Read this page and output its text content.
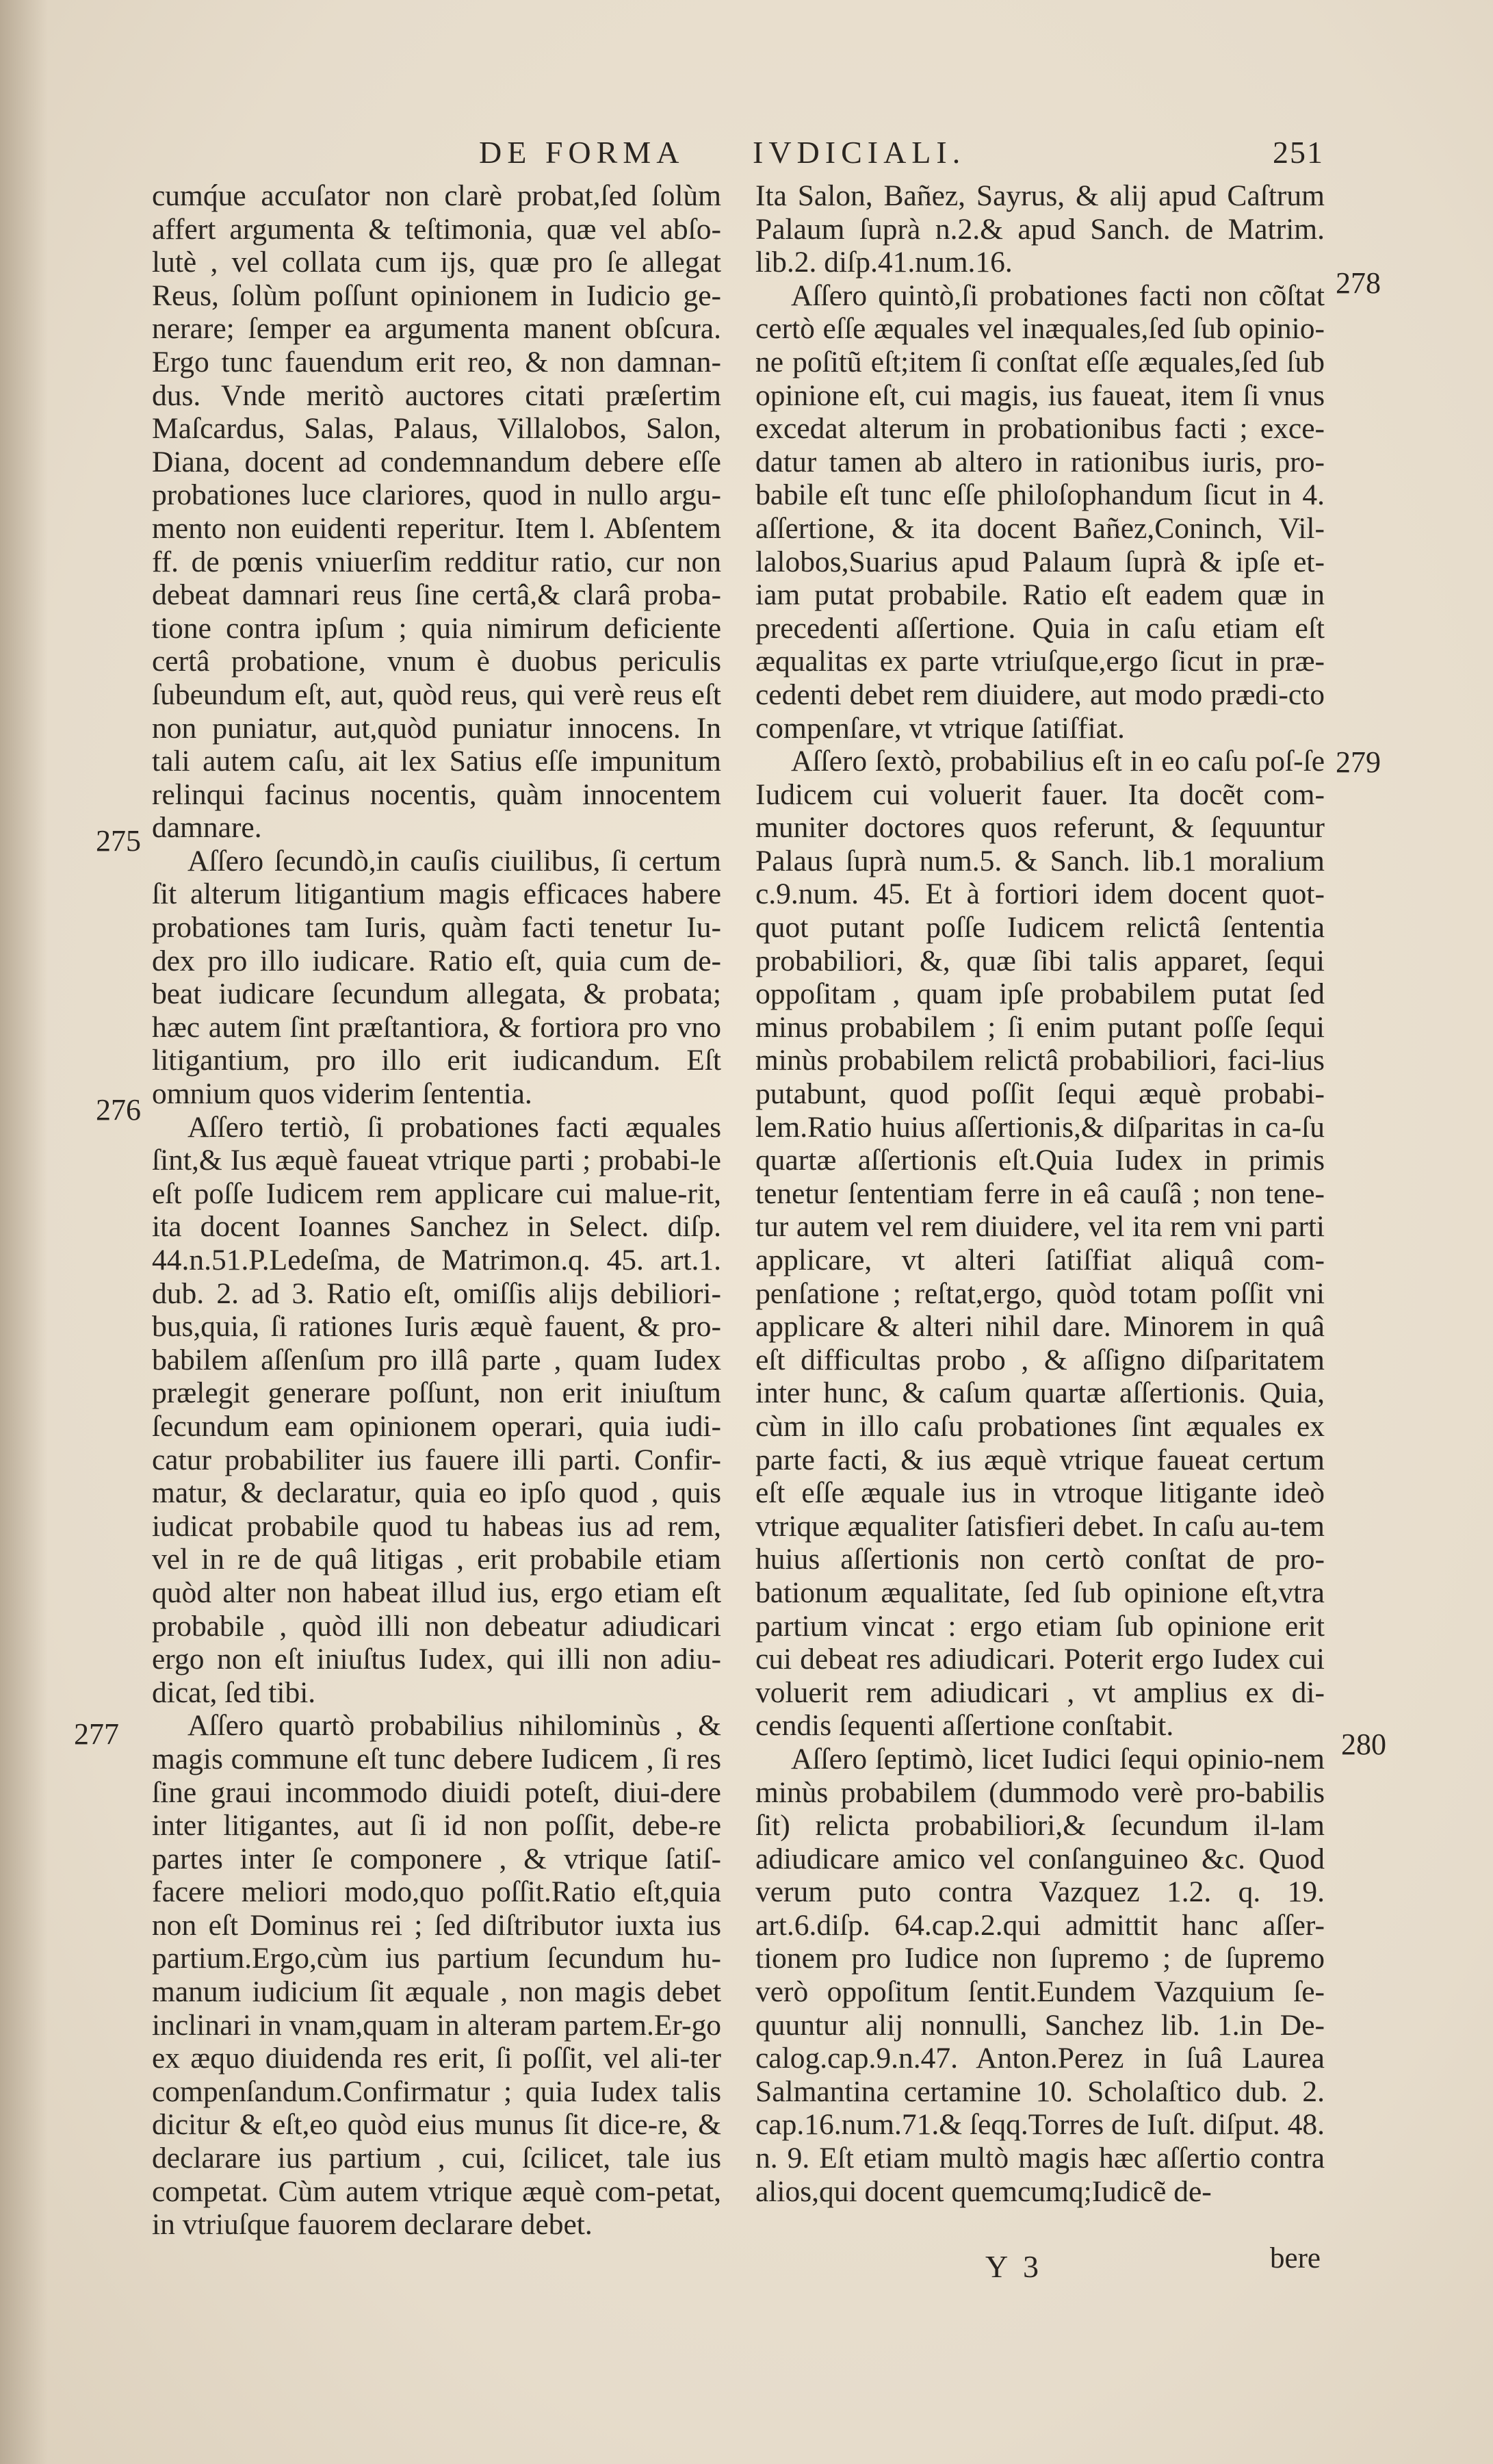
DE FORMA IVDICIALI.	251

cumq́ue accuſator non clarè probat,ſed ſolùm affert argumenta & teſtimonia, quæ vel abſo-lutè , vel collata cum ijs, quæ pro ſe allegat Reus, ſolùm poſſunt opinionem in Iudicio ge-nerare; ſemper ea argumenta manent obſcura. Ergo tunc fauendum erit reo, & non damnan-dus. Vnde meritò auctores citati præſertim Maſcardus, Salas, Palaus, Villalobos, Salon, Diana, docent ad condemnandum debere eſſe probationes luce clariores, quod in nullo argu-mento non euidenti reperitur. Item l. Abſentem ff. de pœnis vniuerſim redditur ratio, cur non debeat damnari reus ſine certâ,& clarâ proba-tione contra ipſum ; quia nimirum deficiente certâ probatione, vnum è duobus periculis ſubeundum eſt, aut, quòd reus, qui verè reus eſt non puniatur, aut,quòd puniatur innocens. In tali autem caſu, ait lex Satius eſſe impunitum relinqui facinus nocentis, quàm innocentem damnare.

Aſſero ſecundò,in cauſis ciuilibus, ſi certum ſit alterum litigantium magis efficaces habere probationes tam Iuris, quàm facti tenetur Iu-dex pro illo iudicare. Ratio eſt, quia cum de-beat iudicare ſecundum allegata, & probata; hæc autem ſint præſtantiora, & fortiora pro vno litigantium, pro illo erit iudicandum. Eſt omnium quos viderim ſententia.

Aſſero tertiò, ſi probationes facti æquales ſint,& Ius æquè faueat vtrique parti ; probabi-le eſt poſſe Iudicem rem applicare cui malue-rit, ita docent Ioannes Sanchez in Select. diſp. 44.n.51.P.Ledeſma, de Matrimon.q. 45. art.1. dub. 2. ad 3. Ratio eſt, omiſſis alijs debiliori-bus,quia, ſi rationes Iuris æquè fauent, & pro-babilem aſſenſum pro illâ parte , quam Iudex prælegit generare poſſunt, non erit iniuſtum ſecundum eam opinionem operari, quia iudi-catur probabiliter ius fauere illi parti. Confir-matur, & declaratur, quia eo ipſo quod , quis iudicat probabile quod tu habeas ius ad rem, vel in re de quâ litigas , erit probabile etiam quòd alter non habeat illud ius, ergo etiam eſt probabile , quòd illi non debeatur adiudicari ergo non eſt iniuſtus Iudex, qui illi non adiu-dicat, ſed tibi.

Aſſero quartò probabilius nihilominùs , & magis commune eſt tunc debere Iudicem , ſi res ſine graui incommodo diuidi poteſt, diui-dere inter litigantes, aut ſi id non poſſit, debe-re partes inter ſe componere , & vtrique ſatiſ-facere meliori modo,quo poſſit.Ratio eſt,quia non eſt Dominus rei ; ſed diſtributor iuxta ius partium.Ergo,cùm ius partium ſecundum hu-manum iudicium ſit æquale , non magis debet inclinari in vnam,quam in alteram partem.Er-go ex æquo diuidenda res erit, ſi poſſit, vel ali-ter compenſandum.Confirmatur ; quia Iudex talis dicitur & eſt,eo quòd eius munus ſit dice-re, & declarare ius partium , cui, ſcilicet, tale ius competat. Cùm autem vtrique æquè com-petat, in vtriuſque fauorem declarare debet.

Ita Salon, Bañez, Sayrus, & alij apud Caſtrum Palaum ſuprà n.2.& apud Sanch. de Matrim. lib.2. diſp.41.num.16.

Aſſero quintò,ſi probationes facti non cõſtat certò eſſe æquales vel inæquales,ſed ſub opinio-ne poſitũ eſt;item ſi conſtat eſſe æquales,ſed ſub opinione eſt, cui magis, ius faueat, item ſi vnus excedat alterum in probationibus facti ; exce-datur tamen ab altero in rationibus iuris, pro-babile eſt tunc eſſe philoſophandum ſicut in 4. aſſertione, & ita docent Bañez,Coninch, Vil-lalobos,Suarius apud Palaum ſuprà & ipſe et-iam putat probabile. Ratio eſt eadem quæ in precedenti aſſertione. Quia in caſu etiam eſt æqualitas ex parte vtriuſque,ergo ſicut in præ-cedenti debet rem diuidere, aut modo prædi-cto compenſare, vt vtrique ſatiſfiat.

Aſſero ſextò, probabilius eſt in eo caſu poſ-ſe Iudicem cui voluerit fauer. Ita docẽt com-muniter doctores quos referunt, & ſequuntur Palaus ſuprà num.5. & Sanch. lib.1 moralium c.9.num. 45. Et à fortiori idem docent quot-quot putant poſſe Iudicem relictâ ſententia probabiliori, &, quæ ſibi talis apparet, ſequi oppoſitam , quam ipſe probabilem putat ſed minus probabilem ; ſi enim putant poſſe ſequi minùs probabilem relictâ probabiliori, faci-lius putabunt, quod poſſit ſequi æquè probabi-lem.Ratio huius aſſertionis,& diſparitas in ca-ſu quartæ aſſertionis eſt.Quia Iudex in primis tenetur ſententiam ferre in eâ cauſâ ; non tene-tur autem vel rem diuidere, vel ita rem vni parti applicare, vt alteri ſatiſfiat aliquâ com-penſatione ; reſtat,ergo, quòd totam poſſit vni applicare & alteri nihil dare. Minorem in quâ eſt difficultas probo , & aſſigno diſparitatem inter hunc, & caſum quartæ aſſertionis. Quia, cùm in illo caſu probationes ſint æquales ex parte facti, & ius æquè vtrique faueat certum eſt eſſe æquale ius in vtroque litigante ideò vtrique æqualiter ſatisfieri debet. In caſu au-tem huius aſſertionis non certò conſtat de pro-bationum æqualitate, ſed ſub opinione eſt,vtra partium vincat : ergo etiam ſub opinione erit cui debeat res adiudicari. Poterit ergo Iudex cui voluerit rem adiudicari , vt amplius ex di-cendis ſequenti aſſertione conſtabit.

Aſſero ſeptimò, licet Iudici ſequi opinio-nem minùs probabilem (dummodo verè pro-babilis ſit) relicta probabiliori,& ſecundum il-lam adiudicare amico vel conſanguineo &c. Quod verum puto contra Vazquez 1.2. q. 19. art.6.diſp. 64.cap.2.qui admittit hanc aſſer-tionem pro Iudice non ſupremo ; de ſupremo verò oppoſitum ſentit.Eundem Vazquium ſe-quuntur alij nonnulli, Sanchez lib. 1.in De-calog.cap.9.n.47. Anton.Perez in ſuâ Laurea Salmantina certamine 10. Scholaſtico dub. 2. cap.16.num.71.& ſeqq.Torres de Iuſt. diſput. 48. n. 9. Eſt etiam multò magis hæc aſſertio contra alios,qui docent quemcumq;Iudicẽ de-

275
276
277
278
279
280
Y 3	bere
